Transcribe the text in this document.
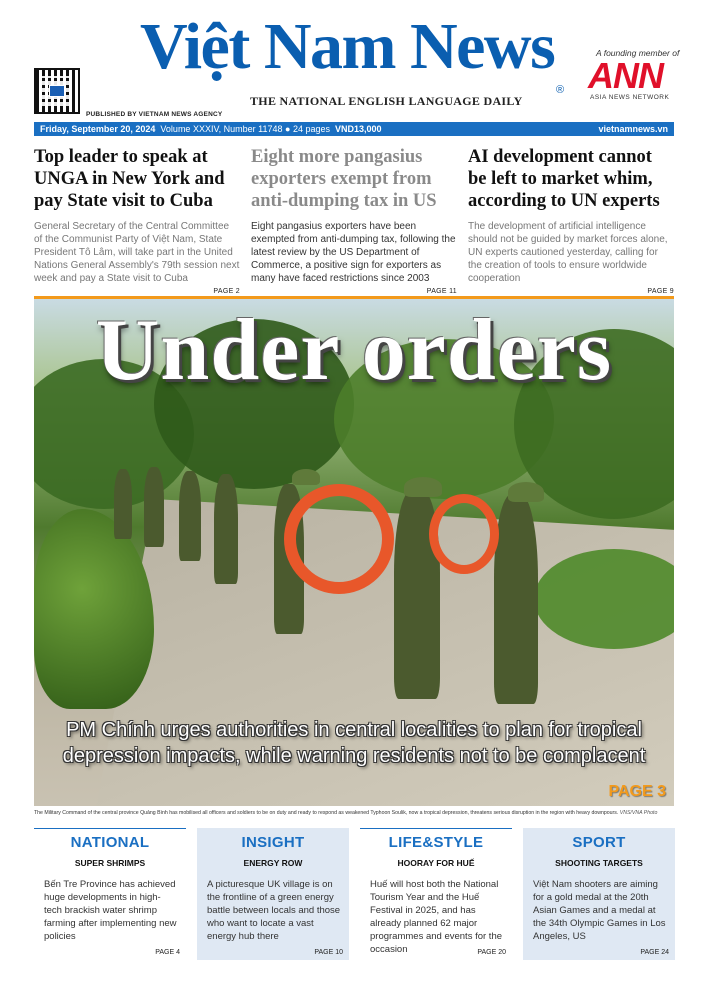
PUBLISHED BY VIETNAM NEWS AGENCY
Việt Nam News
®
THE NATIONAL ENGLISH LANGUAGE DAILY
A founding member of
ANN
ASIA NEWS NETWORK
Friday, September 20, 2024 Volume XXXIV, Number 11748 ● 24 pages VND13,000	vietnamnews.vn
Top leader to speak at UNGA in New York and pay State visit to Cuba

General Secretary of the Central Committee of the Communist Party of Việt Nam, State President Tô Lâm, will take part in the United Nations General Assembly's 79th session next week and pay a State visit to Cuba

PAGE 2
Eight more pangasius exporters exempt from anti-dumping tax in US

Eight pangasius exporters have been exempted from anti-dumping tax, following the latest review by the US Department of Commerce, a positive sign for exporters as many have faced restrictions since 2003

PAGE 11
AI development cannot be left to market whim, according to UN experts

The development of artificial intelligence should not be guided by market forces alone, UN experts cautioned yesterday, calling for the creation of tools to ensure worldwide cooperation

PAGE 9
Under orders
PM Chính urges authorities in central localities to plan for tropical depression impacts, while warning residents not to be complacent
PAGE 3
The Military Command of the central province Quảng Bình has mobilised all officers and soldiers to be on duty and ready to respond as weakened Typhoon Soulik, now a tropical depression, threatens serious disruption in the region with heavy downpours. VNS/VNA Photo
NATIONAL
SUPER SHRIMPS

Bến Tre Province has achieved huge developments in high-tech brackish water shrimp farming after implementing new policies

PAGE 4
INSIGHT
ENERGY ROW

A picturesque UK village is on the frontline of a green energy battle between locals and those who want to locate a vast energy hub there

PAGE 10
LIFE&STYLE
HOORAY FOR HUẾ

Huế will host both the National Tourism Year and the Huế Festival in 2025, and has already planned 62 major programmes and events for the occasion	PAGE 20
SPORT
SHOOTING TARGETS

Việt Nam shooters are aiming for a gold medal at the 20th Asian Games and a medal at the 34th Olympic Games in Los Angeles, US

PAGE 24
